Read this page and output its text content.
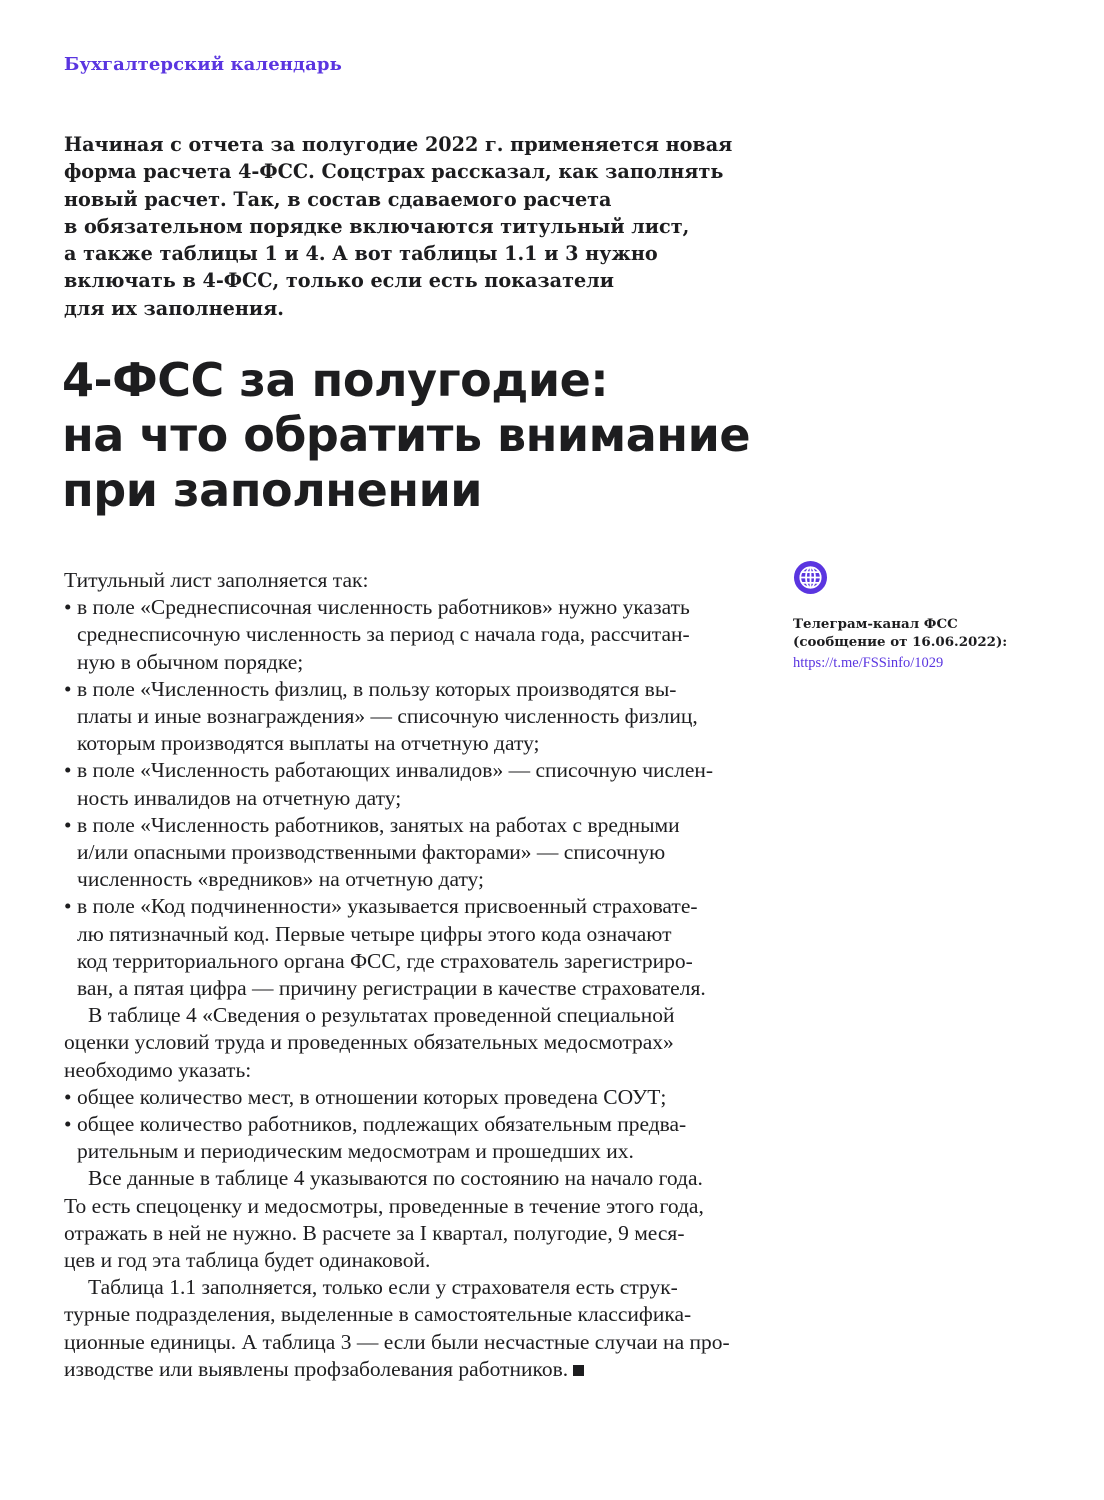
Бухгалтерский календарь
Начиная с отчета за полугодие 2022 г. применяется новая
форма расчета 4-ФСС. Соцстрах рассказал, как заполнять
новый расчет. Так, в состав сдаваемого расчета
в обязательном порядке включаются титульный лист,
а также таблицы 1 и 4. А вот таблицы 1.1 и 3 нужно
включать в 4-ФСС, только если есть показатели
для их заполнения.
4-ФСС за полугодие:
на что обратить внимание
при заполнении
Титульный лист заполняется так:
• в поле «Среднесписочная численность работников» нужно указать
среднесписочную численность за период с начала года, рассчитан-
ную в обычном порядке;
• в поле «Численность физлиц, в пользу которых производятся вы-
платы и иные вознаграждения» — списочную численность физлиц,
которым производятся выплаты на отчетную дату;
• в поле «Численность работающих инвалидов» — списочную числен-
ность инвалидов на отчетную дату;
• в поле «Численность работников, занятых на работах с вредными
и/или опасными производственными факторами» — списочную
численность «вредников» на отчетную дату;
• в поле «Код подчиненности» указывается присвоенный страховате-
лю пятизначный код. Первые четыре цифры этого кода означают
код территориального органа ФСС, где страхователь зарегистриро-
ван, а пятая цифра — причину регистрации в качестве страхователя.
В таблице 4 «Сведения о результатах проведенной специальной
оценки условий труда и проведенных обязательных медосмотрах»
необходимо указать:
• общее количество мест, в отношении которых проведена СОУТ;
• общее количество работников, подлежащих обязательным предва-
рительным и периодическим медосмотрам и прошедших их.
Все данные в таблице 4 указываются по состоянию на начало года.
То есть спецоценку и медосмотры, проведенные в течение этого года,
отражать в ней не нужно. В расчете за I квартал, полугодие, 9 меся-
цев и год эта таблица будет одинаковой.
Таблица 1.1 заполняется, только если у страхователя есть струк-
турные подразделения, выделенные в самостоятельные классифика-
ционные единицы. А таблица 3 — если были несчастные случаи на про-
изводстве или выявлены профзаболевания работников.
Телеграм-канал ФСС
(сообщение от 16.06.2022):
https://t.me/FSSinfo/1029
